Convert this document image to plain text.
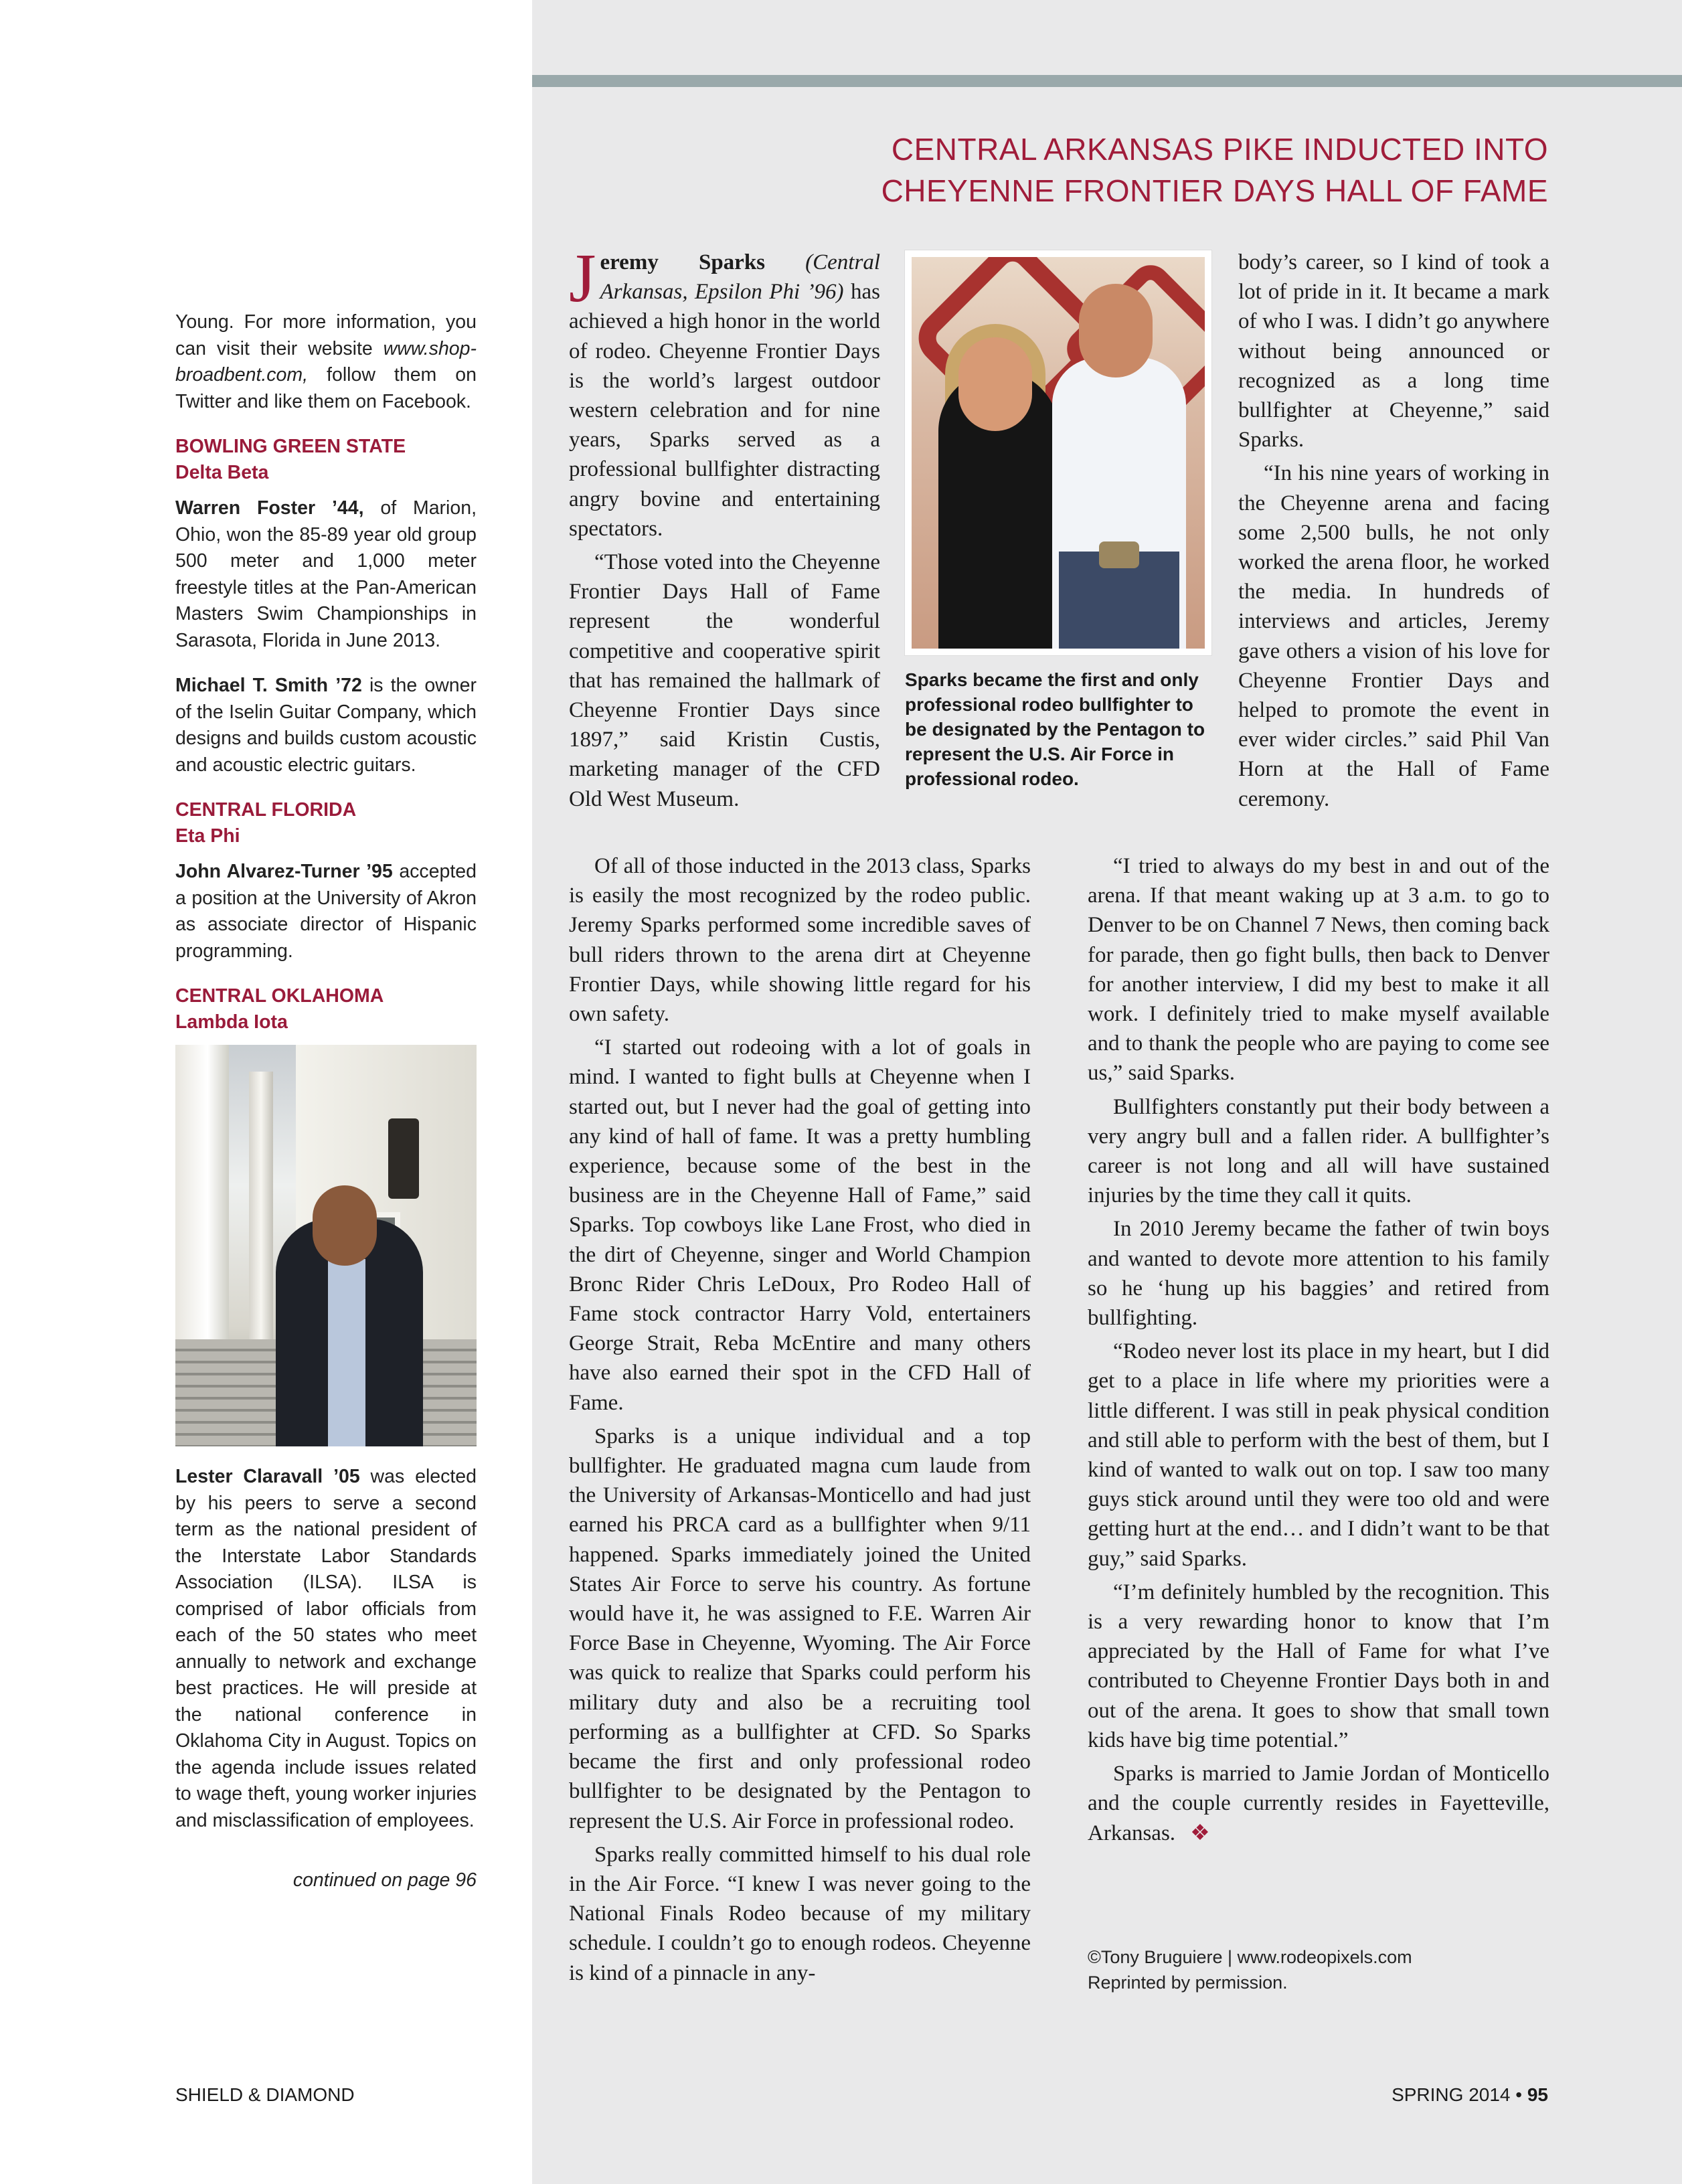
CENTRAL ARKANSAS PIKE INDUCTED INTO
CHEYENNE FRONTIER DAYS HALL OF FAME

Young. For more information, you can visit their website www.shop-broadbent.com, follow them on Twitter and like them on Facebook.

BOWLING GREEN STATE
Delta Beta

Warren Foster ’44, of Marion, Ohio, won the 85-89 year old group 500 meter and 1,000 meter freestyle titles at the Pan-American Masters Swim Championships in Sarasota, Florida in June 2013.

Michael T. Smith ’72 is the owner of the Iselin Guitar Company, which designs and builds custom acoustic and acoustic electric guitars.

CENTRAL FLORIDA
Eta Phi

John Alvarez-Turner ’95 accepted a position at the University of Akron as associate director of Hispanic programming.

CENTRAL OKLAHOMA
Lambda Iota

Lester Claravall ’05 was elected by his peers to serve a second term as the national president of the Interstate Labor Standards Association (ILSA). ILSA is comprised of labor officials from each of the 50 states who meet annually to network and exchange best practices. He will preside at the national conference in Oklahoma City in August. Topics on the agenda include issues related to wage theft, young worker injuries and misclassification of employees.

continued on page 96

Jeremy Sparks (Central Arkansas, Epsilon Phi ’96) has achieved a high honor in the world of rodeo. Cheyenne Frontier Days is the world’s largest outdoor western celebration and for nine years, Sparks served as a professional bullfighter distracting angry bovine and entertaining spectators.

“Those voted into the Cheyenne Frontier Days Hall of Fame represent the wonderful competitive and cooperative spirit that has remained the hallmark of Cheyenne Frontier Days since 1897,” said Kristin Custis, marketing manager of the CFD Old West Museum.

Sparks became the first and only professional rodeo bullfighter to be designated by the Pentagon to represent the U.S. Air Force in professional rodeo.

Of all of those inducted in the 2013 class, Sparks is easily the most recognized by the rodeo public. Jeremy Sparks performed some incredible saves of bull riders thrown to the arena dirt at Cheyenne Frontier Days, while showing little regard for his own safety.

“I started out rodeoing with a lot of goals in mind. I wanted to fight bulls at Cheyenne when I started out, but I never had the goal of getting into any kind of hall of fame. It was a pretty humbling experience, because some of the best in the business are in the Cheyenne Hall of Fame,” said Sparks. Top cowboys like Lane Frost, who died in the dirt of Cheyenne, singer and World Champion Bronc Rider Chris LeDoux, Pro Rodeo Hall of Fame stock contractor Harry Vold, entertainers George Strait, Reba McEntire and many others have also earned their spot in the CFD Hall of Fame.

Sparks is a unique individual and a top bullfighter. He graduated magna cum laude from the University of Arkansas-Monticello and had just earned his PRCA card as a bullfighter when 9/11 happened. Sparks immediately joined the United States Air Force to serve his country. As fortune would have it, he was assigned to F.E. Warren Air Force Base in Cheyenne, Wyoming. The Air Force was quick to realize that Sparks could perform his military duty and also be a recruiting tool performing as a bullfighter at CFD. So Sparks became the first and only professional rodeo bullfighter to be designated by the Pentagon to represent the U.S. Air Force in professional rodeo.

Sparks really committed himself to his dual role in the Air Force. “I knew I was never going to the National Finals Rodeo because of my military schedule. I couldn’t go to enough rodeos. Cheyenne is kind of a pinnacle in any-

body’s career, so I kind of took a lot of pride in it. It became a mark of who I was. I didn’t go anywhere without being announced or recognized as a long time bullfighter at Cheyenne,” said Sparks.

“In his nine years of working in the Cheyenne arena and facing some 2,500 bulls, he not only worked the arena floor, he worked the media. In hundreds of interviews and articles, Jeremy gave others a vision of his love for Cheyenne Frontier Days and helped to promote the event in ever wider circles.” said Phil Van Horn at the Hall of Fame ceremony.

“I tried to always do my best in and out of the arena. If that meant waking up at 3 a.m. to go to Denver to be on Channel 7 News, then coming back for parade, then go fight bulls, then back to Denver for another interview, I did my best to make it all work. I definitely tried to make myself available and to thank the people who are paying to come see us,” said Sparks.

Bullfighters constantly put their body between a very angry bull and a fallen rider. A bullfighter’s career is not long and all will have sustained injuries by the time they call it quits.

In 2010 Jeremy became the father of twin boys and wanted to devote more attention to his family so he ‘hung up his baggies’ and retired from bullfighting.

“Rodeo never lost its place in my heart, but I did get to a place in life where my priorities were a little different. I was still in peak physical condition and still able to perform with the best of them, but I kind of wanted to walk out on top. I saw too many guys stick around until they were too old and were getting hurt at the end… and I didn’t want to be that guy,” said Sparks.

“I’m definitely humbled by the recognition. This is a very rewarding honor to know that I’m appreciated by the Hall of Fame for what I’ve contributed to Cheyenne Frontier Days both in and out of the arena. It goes to show that small town kids have big time potential.”

Sparks is married to Jamie Jordan of Monticello and the couple currently resides in Fayetteville, Arkansas. ❖

©Tony Bruguiere | www.rodeopixels.com
Reprinted by permission.
SHIELD & DIAMOND	SPRING 2014 • 95
